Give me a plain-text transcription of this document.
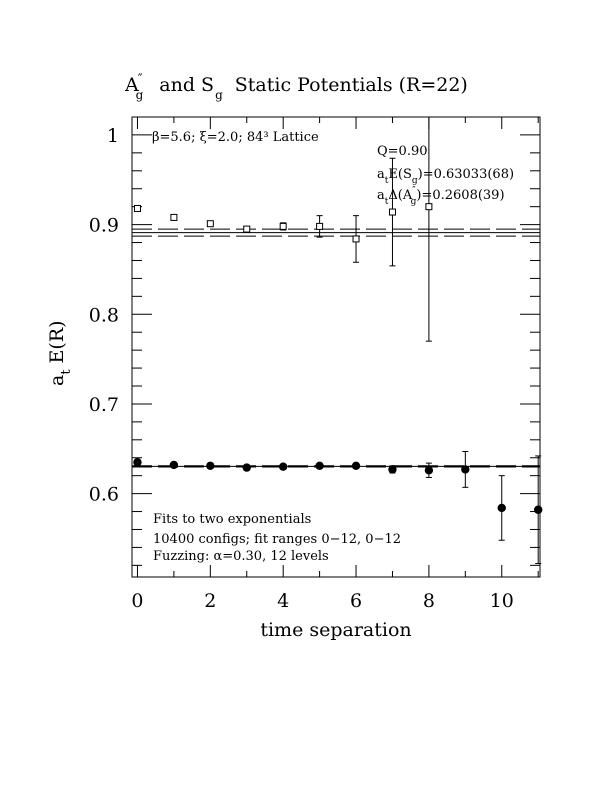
A″ g and $S_g$ Static Potentials (R=22)
0	2	4	6	8	10
0.6
0.7
0.8
0.9
1
$a_tE(R)$
time separation
β=5.6; ξ=2.0; 84³ Lattice
Q=0.90
$a_tE(S_g)=0.63033(68)$
$a_t\Delta(A''$ g)=0.2608(39)
Fits to two exponentials
10400 configs; fit ranges 0−12, 0−12
Fuzzing: α=0.30, 12 levels
